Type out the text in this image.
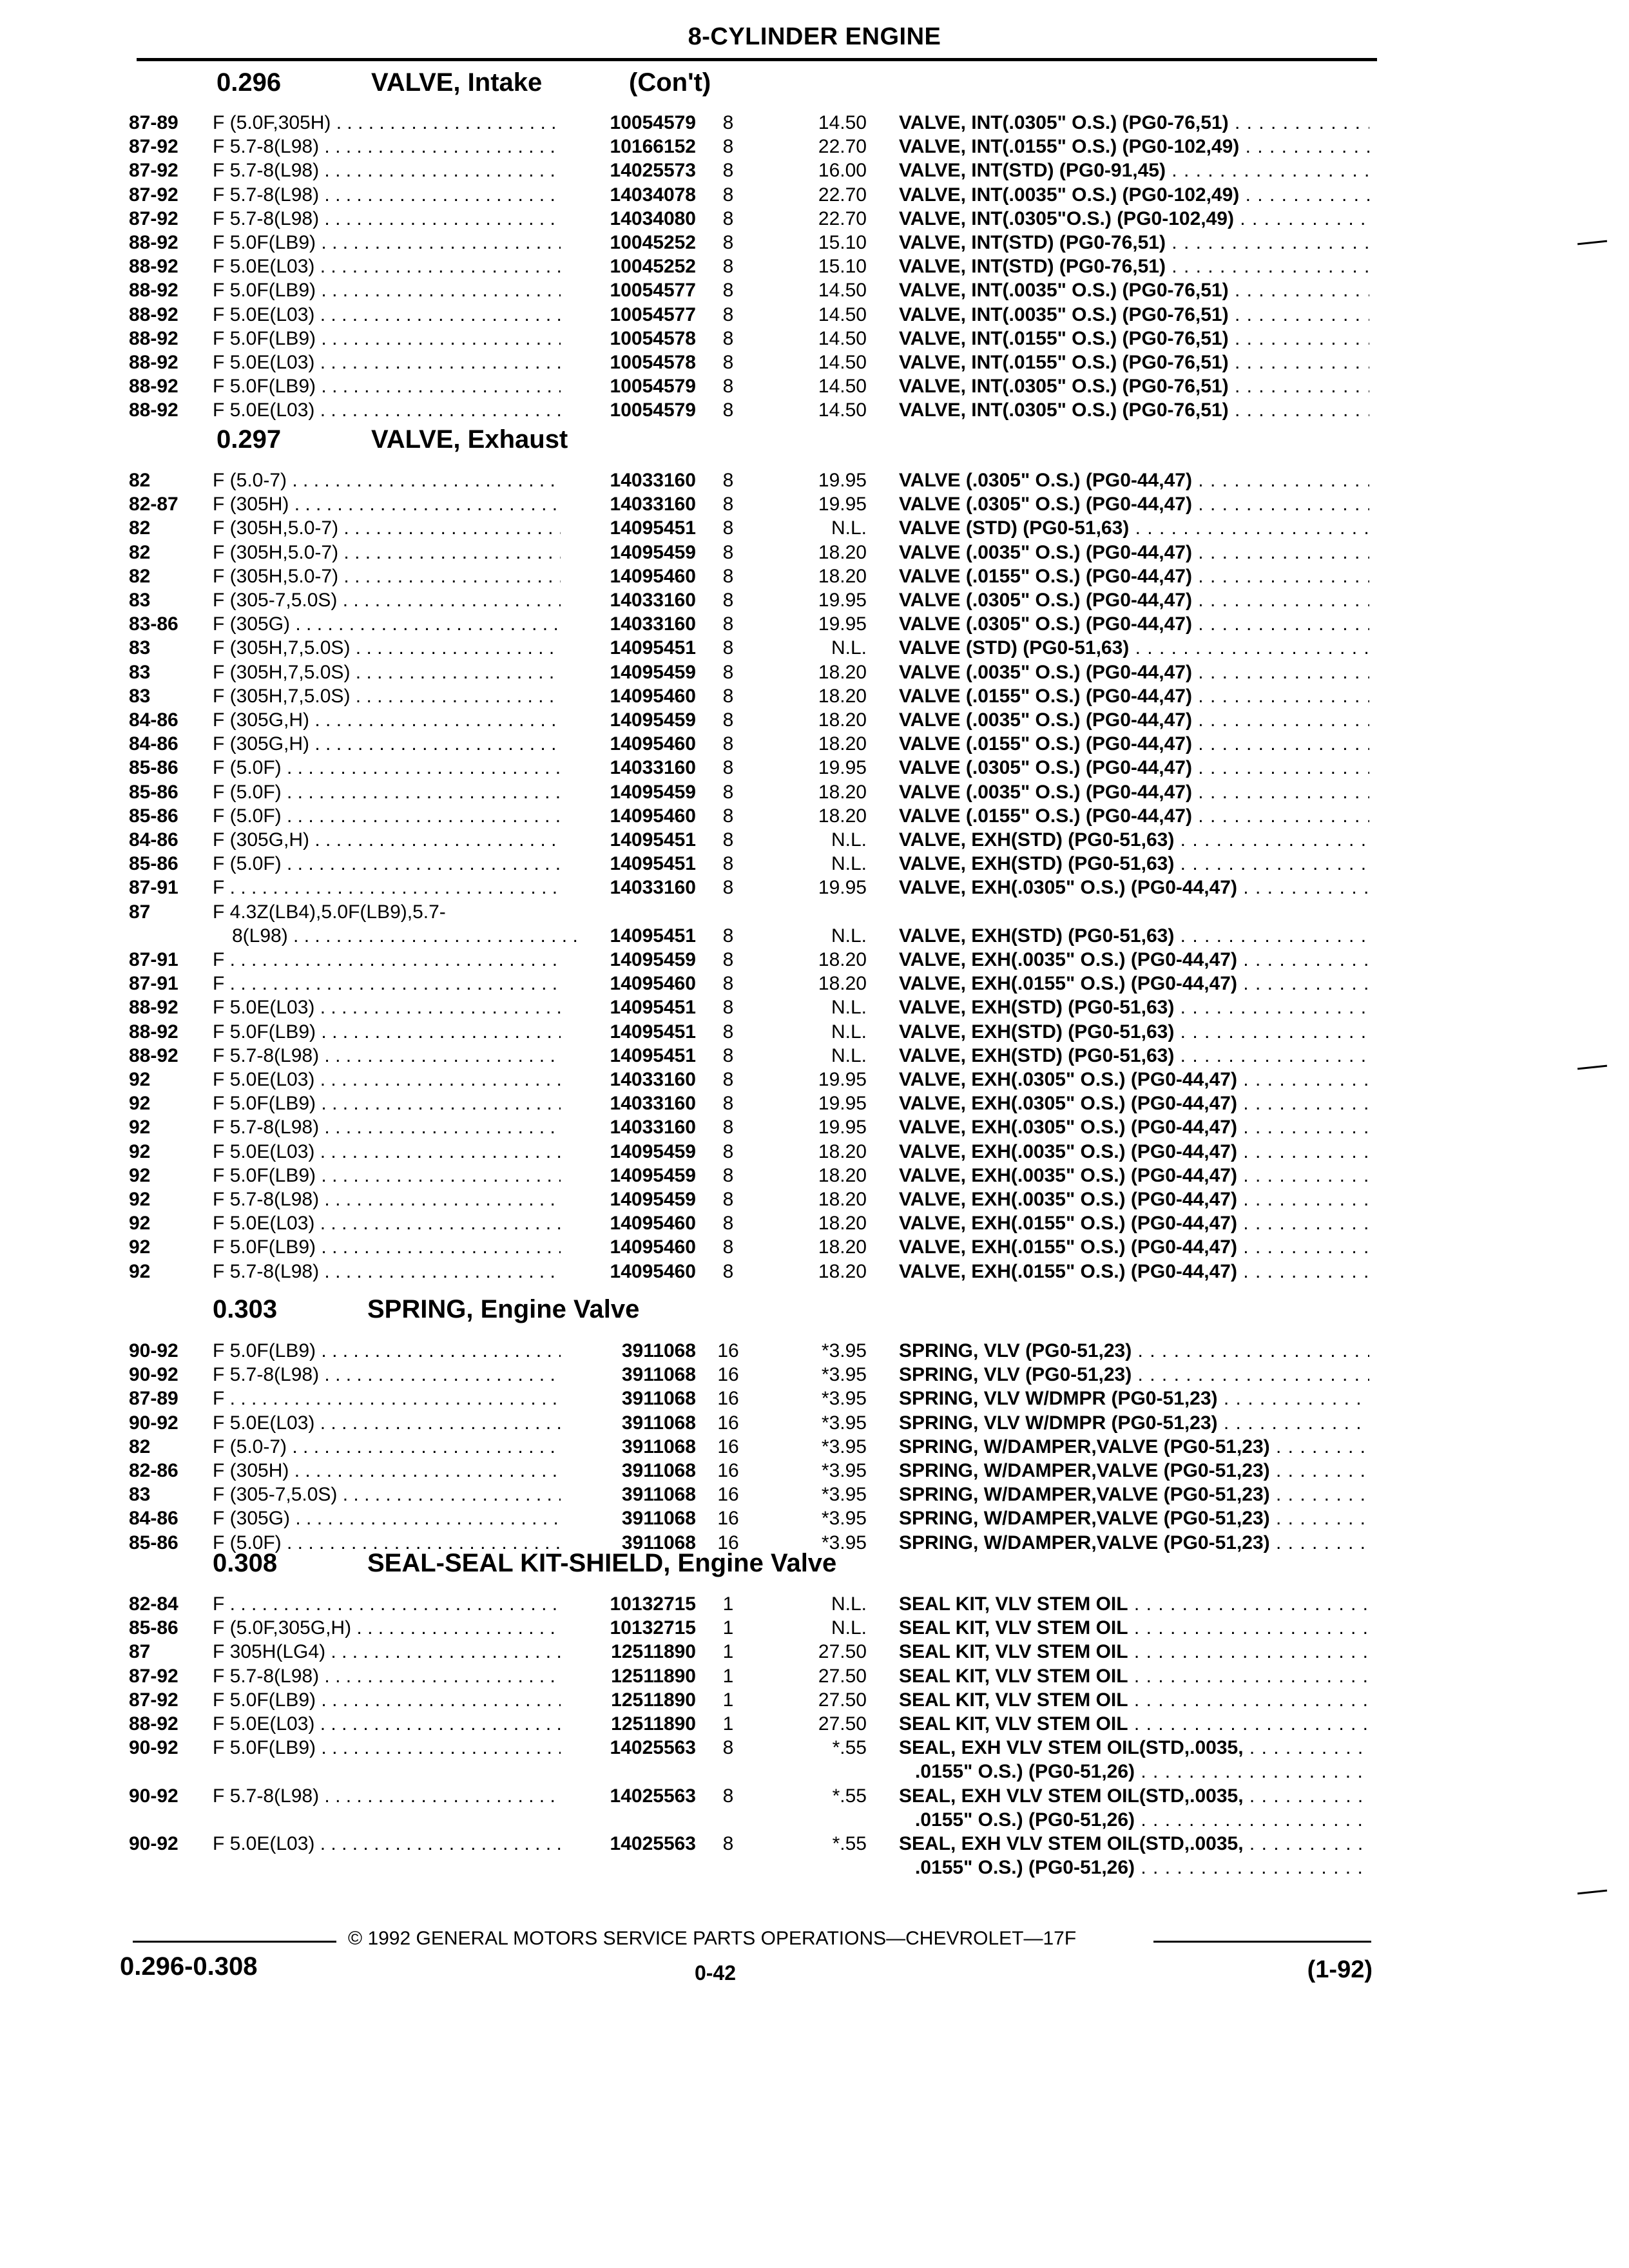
8-CYLINDER ENGINE
0.296	VALVE, Intake	(Con't)
87-89 F (5.0F,305H) . . .	10054579	8	14.50 VALVE, INT(.0305" O.S.) (PG0-76,51) . . .
87-92 F 5.7-8(L98) . . .	10166152	8	22.70 VALVE, INT(.0155" O.S.) (PG0-102,49) . . .
87-92 F 5.7-8(L98) . . .	14025573	8	16.00 VALVE, INT(STD) (PG0-91,45) . . .
87-92 F 5.7-8(L98) . . .	14034078	8	22.70 VALVE, INT(.0035" O.S.) (PG0-102,49) . . .
87-92 F 5.7-8(L98) . . .	14034080	8	22.70 VALVE, INT(.0305"O.S.) (PG0-102,49) . . .
88-92 F 5.0F(LB9) . . .	10045252	8	15.10 VALVE, INT(STD) (PG0-76,51) . . .
88-92 F 5.0E(L03) . . .	10045252	8	15.10 VALVE, INT(STD) (PG0-76,51) . . .
88-92 F 5.0F(LB9) . . .	10054577	8	14.50 VALVE, INT(.0035" O.S.) (PG0-76,51) . . .
88-92 F 5.0E(L03) . . .	10054577	8	14.50 VALVE, INT(.0035" O.S.) (PG0-76,51) . . .
88-92 F 5.0F(LB9) . . .	10054578	8	14.50 VALVE, INT(.0155" O.S.) (PG0-76,51) . . .
88-92 F 5.0E(L03) . . .	10054578	8	14.50 VALVE, INT(.0155" O.S.) (PG0-76,51) . . .
88-92 F 5.0F(LB9) . . .	10054579	8	14.50 VALVE, INT(.0305" O.S.) (PG0-76,51) . . .
88-92 F 5.0E(L03) . . .	10054579	8	14.50 VALVE, INT(.0305" O.S.) (PG0-76,51) . . .
0.297	VALVE, Exhaust
82	F (5.0-7) . . .	14033160	8	19.95 VALVE (.0305" O.S.) (PG0-44,47) . . .
82-87 F (305H) . . .	14033160	8	19.95 VALVE (.0305" O.S.) (PG0-44,47) . . .
82	F (305H,5.0-7) . . .	14095451	8	N.L. VALVE (STD) (PG0-51,63) . . .
82	F (305H,5.0-7) . . .	14095459	8	18.20 VALVE (.0035" O.S.) (PG0-44,47) . . .
82	F (305H,5.0-7) . . .	14095460	8	18.20 VALVE (.0155" O.S.) (PG0-44,47) . . .
83	F (305-7,5.0S) . . .	14033160	8	19.95 VALVE (.0305" O.S.) (PG0-44,47) . . .
83-86 F (305G) . . .	14033160	8	19.95 VALVE (.0305" O.S.) (PG0-44,47) . . .
83	F (305H,7,5.0S) . . .	14095451	8	N.L. VALVE (STD) (PG0-51,63) . . .
83	F (305H,7,5.0S) . . .	14095459	8	18.20 VALVE (.0035" O.S.) (PG0-44,47) . . .
83	F (305H,7,5.0S) . . .	14095460	8	18.20 VALVE (.0155" O.S.) (PG0-44,47) . . .
84-86 F (305G,H) . . .	14095459	8	18.20 VALVE (.0035" O.S.) (PG0-44,47) . . .
84-86 F (305G,H) . . .	14095460	8	18.20 VALVE (.0155" O.S.) (PG0-44,47) . . .
85-86 F (5.0F) . . .	14033160	8	19.95 VALVE (.0305" O.S.) (PG0-44,47) . . .
85-86 F (5.0F) . . .	14095459	8	18.20 VALVE (.0035" O.S.) (PG0-44,47) . . .
85-86 F (5.0F) . . .	14095460	8	18.20 VALVE (.0155" O.S.) (PG0-44,47) . . .
84-86 F (305G,H) . . .	14095451	8	N.L. VALVE, EXH(STD) (PG0-51,63) . . .
85-86 F (5.0F) . . .	14095451	8	N.L. VALVE, EXH(STD) (PG0-51,63) . . .
87-91 F . . .	14033160	8	19.95 VALVE, EXH(.0305" O.S.) (PG0-44,47) . . .
87	F 4.3Z(LB4),5.0F(LB9),5.7-
8(L98) . . .	14095451	8	N.L. VALVE, EXH(STD) (PG0-51,63) . . .
87-91 F . . .	14095459	8	18.20 VALVE, EXH(.0035" O.S.) (PG0-44,47) . . .
87-91 F . . .	14095460	8	18.20 VALVE, EXH(.0155" O.S.) (PG0-44,47) . . .
88-92 F 5.0E(L03) . . .	14095451	8	N.L. VALVE, EXH(STD) (PG0-51,63) . . .
88-92 F 5.0F(LB9) . . .	14095451	8	N.L. VALVE, EXH(STD) (PG0-51,63) . . .
88-92 F 5.7-8(L98) . . .	14095451	8	N.L. VALVE, EXH(STD) (PG0-51,63) . . .
92	F 5.0E(L03) . . .	14033160	8	19.95 VALVE, EXH(.0305" O.S.) (PG0-44,47) . . .
92	F 5.0F(LB9) . . .	14033160	8	19.95 VALVE, EXH(.0305" O.S.) (PG0-44,47) . . .
92	F 5.7-8(L98) . . .	14033160	8	19.95 VALVE, EXH(.0305" O.S.) (PG0-44,47) . . .
92	F 5.0E(L03) . . .	14095459	8	18.20 VALVE, EXH(.0035" O.S.) (PG0-44,47) . . .
92	F 5.0F(LB9) . . .	14095459	8	18.20 VALVE, EXH(.0035" O.S.) (PG0-44,47) . . .
92	F 5.7-8(L98) . . .	14095459	8	18.20 VALVE, EXH(.0035" O.S.) (PG0-44,47) . . .
92	F 5.0E(L03) . . .	14095460	8	18.20 VALVE, EXH(.0155" O.S.) (PG0-44,47) . . .
92	F 5.0F(LB9) . . .	14095460	8	18.20 VALVE, EXH(.0155" O.S.) (PG0-44,47) . . .
92	F 5.7-8(L98) . . .	14095460	8	18.20 VALVE, EXH(.0155" O.S.) (PG0-44,47) . . .
0.303	SPRING, Engine Valve
90-92 F 5.0F(LB9) . . .	3911068	16	*3.95 SPRING, VLV (PG0-51,23) . . .
90-92 F 5.7-8(L98) . . .	3911068	16	*3.95 SPRING, VLV (PG0-51,23) . . .
87-89 F . . .	3911068	16	*3.95 SPRING, VLV W/DMPR (PG0-51,23) . . .
90-92 F 5.0E(L03) . . .	3911068	16	*3.95 SPRING, VLV W/DMPR (PG0-51,23) . . .
82	F (5.0-7) . . .	3911068	16	*3.95 SPRING, W/DAMPER,VALVE (PG0-51,23) . . .
82-86 F (305H) . . .	3911068	16	*3.95 SPRING, W/DAMPER,VALVE (PG0-51,23) . . .
83	F (305-7,5.0S) . . .	3911068	16	*3.95 SPRING, W/DAMPER,VALVE (PG0-51,23) . . .
84-86 F (305G) . . .	3911068	16	*3.95 SPRING, W/DAMPER,VALVE (PG0-51,23) . . .
85-86 F (5.0F) . . .	3911068	16	*3.95 SPRING, W/DAMPER,VALVE (PG0-51,23) . . .
0.308	SEAL-SEAL KIT-SHIELD, Engine Valve
82-84 F . . .	10132715	1	N.L. SEAL KIT, VLV STEM OIL . . .
85-86 F (5.0F,305G,H) . . .	10132715	1	N.L. SEAL KIT, VLV STEM OIL . . .
87	F 305H(LG4) . . .	12511890	1	27.50 SEAL KIT, VLV STEM OIL . . .
87-92 F 5.7-8(L98) . . .	12511890	1	27.50 SEAL KIT, VLV STEM OIL . . .
87-92 F 5.0F(LB9) . . .	12511890	1	27.50 SEAL KIT, VLV STEM OIL . . .
88-92 F 5.0E(L03) . . .	12511890	1	27.50 SEAL KIT, VLV STEM OIL . . .
90-92 F 5.0F(LB9) . . .	14025563	8	*.55 SEAL, EXH VLV STEM OIL(STD,.0035, . . .
.0155" O.S.) (PG0-51,26) . . .
90-92 F 5.7-8(L98) . . .	14025563	8	*.55 SEAL, EXH VLV STEM OIL(STD,.0035, . . .
.0155" O.S.) (PG0-51,26) . . .
90-92 F 5.0E(L03) . . .	14025563	8	*.55 SEAL, EXH VLV STEM OIL(STD,.0035, . . .
.0155" O.S.) (PG0-51,26) . . .
© 1992 GENERAL MOTORS SERVICE PARTS OPERATIONS—CHEVROLET—17F
0.296-0.308	0-42	(1-92)
